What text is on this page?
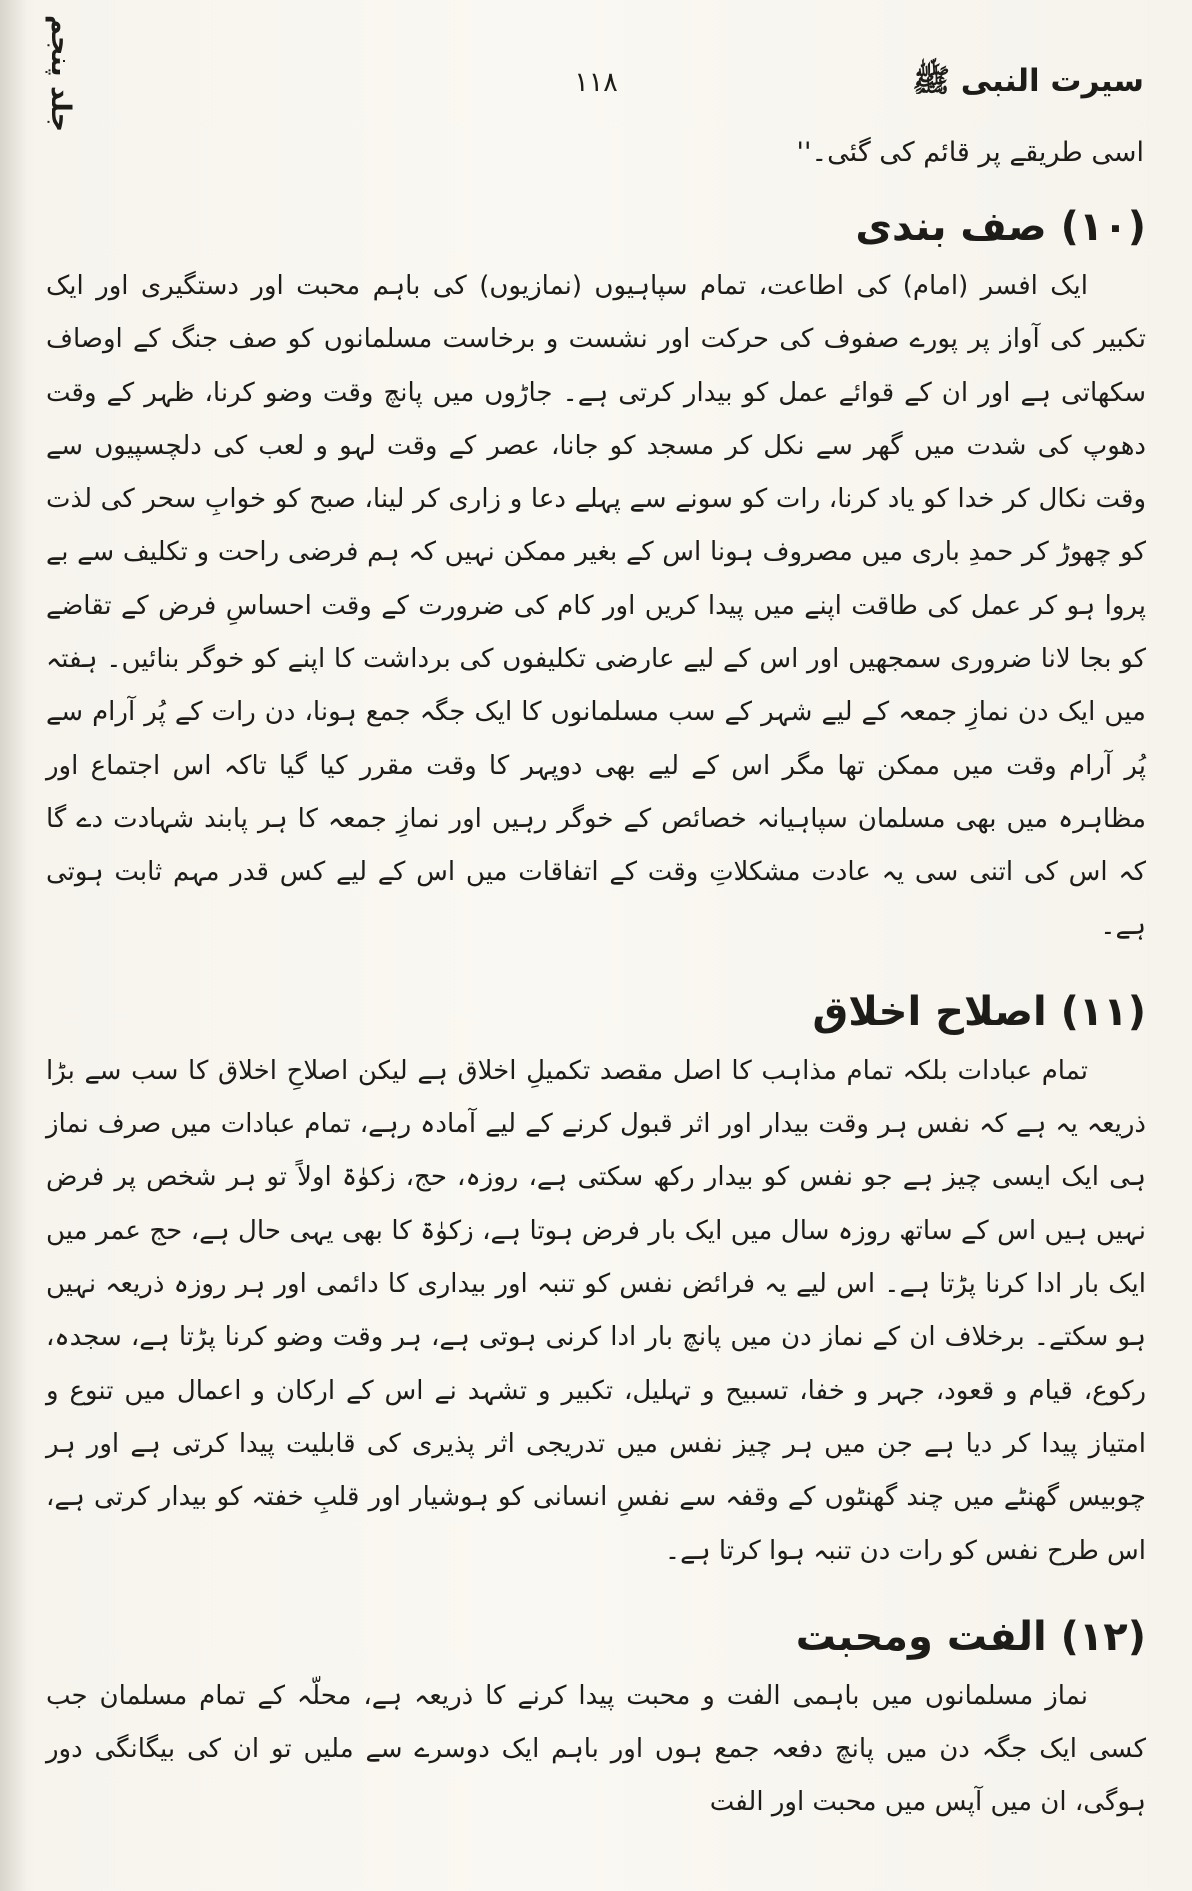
جلد پنجم	سیرت النبی ﷺ
۱۱۸
اسی طریقے پر قائم کی گئی۔''
(۱۰) صف بندی
ایک افسر (امام) کی اطاعت، تمام سپاہیوں (نمازیوں) کی باہم محبت اور دستگیری اور ایک تکبیر کی آواز پر پورے صفوف کی حرکت اور نشست و برخاست مسلمانوں کو صف جنگ کے اوصاف سکھاتی ہے اور ان کے قوائے عمل کو بیدار کرتی ہے۔ جاڑوں میں پانچ وقت وضو کرنا، ظہر کے وقت دھوپ کی شدت میں گھر سے نکل کر مسجد کو جانا، عصر کے وقت لہو و لعب کی دلچسپیوں سے وقت نکال کر خدا کو یاد کرنا، رات کو سونے سے پہلے دعا و زاری کر لینا، صبح کو خوابِ سحر کی لذت کو چھوڑ کر حمدِ باری میں مصروف ہونا اس کے بغیر ممکن نہیں کہ ہم فرضی راحت و تکلیف سے بے پروا ہو کر عمل کی طاقت اپنے میں پیدا کریں اور کام کی ضرورت کے وقت احساسِ فرض کے تقاضے کو بجا لانا ضروری سمجھیں اور اس کے لیے عارضی تکلیفوں کی برداشت کا اپنے کو خوگر بنائیں۔ ہفتہ میں ایک دن نمازِ جمعہ کے لیے شہر کے سب مسلمانوں کا ایک جگہ جمع ہونا، دن رات کے پُر آرام سے پُر آرام وقت میں ممکن تھا مگر اس کے لیے بھی دوپہر کا وقت مقرر کیا گیا تاکہ اس اجتماع اور مظاہرہ میں بھی مسلمان سپاہیانہ خصائص کے خوگر رہیں اور نمازِ جمعہ کا ہر پابند شہادت دے گا کہ اس کی اتنی سی یہ عادت مشکلاتِ وقت کے اتفاقات میں اس کے لیے کس قدر مہم ثابت ہوتی ہے۔
(۱۱) اصلاح اخلاق
تمام عبادات بلکہ تمام مذاہب کا اصل مقصد تکمیلِ اخلاق ہے لیکن اصلاحِ اخلاق کا سب سے بڑا ذریعہ یہ ہے کہ نفس ہر وقت بیدار اور اثر قبول کرنے کے لیے آمادہ رہے، تمام عبادات میں صرف نماز ہی ایک ایسی چیز ہے جو نفس کو بیدار رکھ سکتی ہے، روزہ، حج، زکوٰۃ اولاً تو ہر شخص پر فرض نہیں ہیں اس کے ساتھ روزہ سال میں ایک بار فرض ہوتا ہے، زکوٰۃ کا بھی یہی حال ہے، حج عمر میں ایک بار ادا کرنا پڑتا ہے۔ اس لیے یہ فرائض نفس کو تنبہ اور بیداری کا دائمی اور ہر روزہ ذریعہ نہیں ہو سکتے۔ برخلاف ان کے نماز دن میں پانچ بار ادا کرنی ہوتی ہے، ہر وقت وضو کرنا پڑتا ہے، سجدہ، رکوع، قیام و قعود، جہر و خفا، تسبیح و تہلیل، تکبیر و تشہد نے اس کے ارکان و اعمال میں تنوع و امتیاز پیدا کر دیا ہے جن میں ہر چیز نفس میں تدریجی اثر پذیری کی قابلیت پیدا کرتی ہے اور ہر چوبیس گھنٹے میں چند گھنٹوں کے وقفہ سے نفسِ انسانی کو ہوشیار اور قلبِ خفتہ کو بیدار کرتی ہے، اس طرح نفس کو رات دن تنبہ ہوا کرتا ہے۔
(۱۲) الفت ومحبت
نماز مسلمانوں میں باہمی الفت و محبت پیدا کرنے کا ذریعہ ہے، محلّہ کے تمام مسلمان جب کسی ایک جگہ دن میں پانچ دفعہ جمع ہوں اور باہم ایک دوسرے سے ملیں تو ان کی بیگانگی دور ہوگی، ان میں آپس میں محبت اور الفت
